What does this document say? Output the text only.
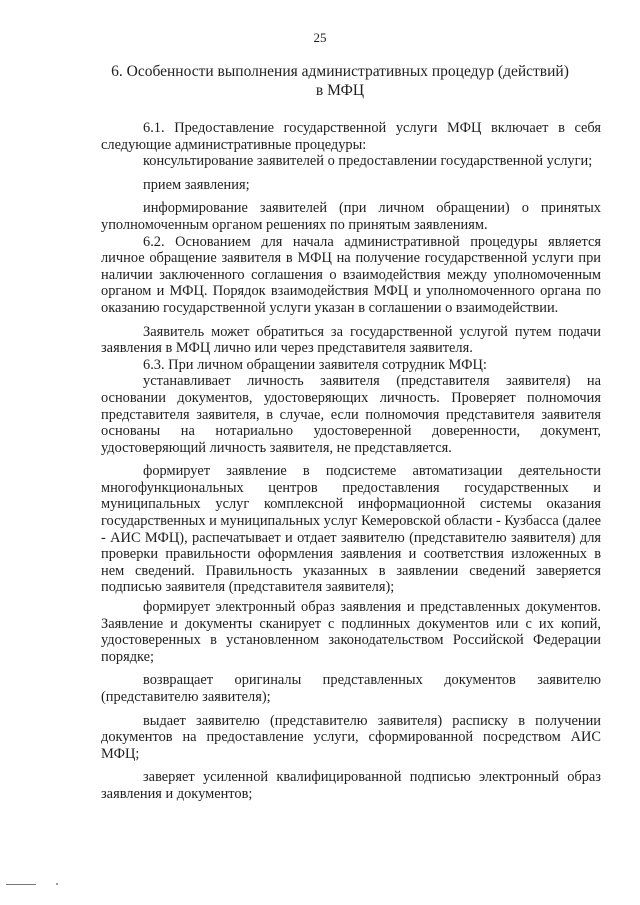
25
6. Особенности выполнения административных процедур (действий)
в МФЦ

6.1. Предоставление государственной услуги МФЦ включает в себя следующие административные процедуры:

консультирование заявителей о предоставлении государственной услуги;

прием заявления;

информирование заявителей (при личном обращении) о принятых уполномоченным органом решениях по принятым заявлениям.

6.2. Основанием для начала административной процедуры является личное обращение заявителя в МФЦ на получение государственной услуги при наличии заключенного соглашения о взаимодействия между уполномоченным органом и МФЦ. Порядок взаимодействия МФЦ и уполномоченного органа по оказанию государственной услуги указан в соглашении о взаимодействии.

Заявитель может обратиться за государственной услугой путем подачи заявления в МФЦ лично или через представителя заявителя.

6.3. При личном обращении заявителя сотрудник МФЦ:

устанавливает личность заявителя (представителя заявителя) на основании документов, удостоверяющих личность. Проверяет полномочия представителя заявителя, в случае, если полномочия представителя заявителя основаны на нотариально удостоверенной доверенности, документ, удостоверяющий личность заявителя, не представляется.

формирует заявление в подсистеме автоматизации деятельности многофункциональных центров предоставления государственных и муниципальных услуг комплексной информационной системы оказания государственных и муниципальных услуг Кемеровской области - Кузбасса (далее - АИС МФЦ), распечатывает и отдает заявителю (представителю заявителя) для проверки правильности оформления заявления и соответствия изложенных в нем сведений. Правильность указанных в заявлении сведений заверяется подписью заявителя (представителя заявителя);

формирует электронный образ заявления и представленных документов. Заявление и документы сканирует с подлинных документов или с их копий, удостоверенных в установленном законодательством Российской Федерации порядке;

возвращает оригиналы представленных документов заявителю (представителю заявителя);

выдает заявителю (представителю заявителя) расписку в получении документов на предоставление услуги, сформированной посредством АИС МФЦ;

заверяет усиленной квалифицированной подписью электронный образ заявления и документов;
